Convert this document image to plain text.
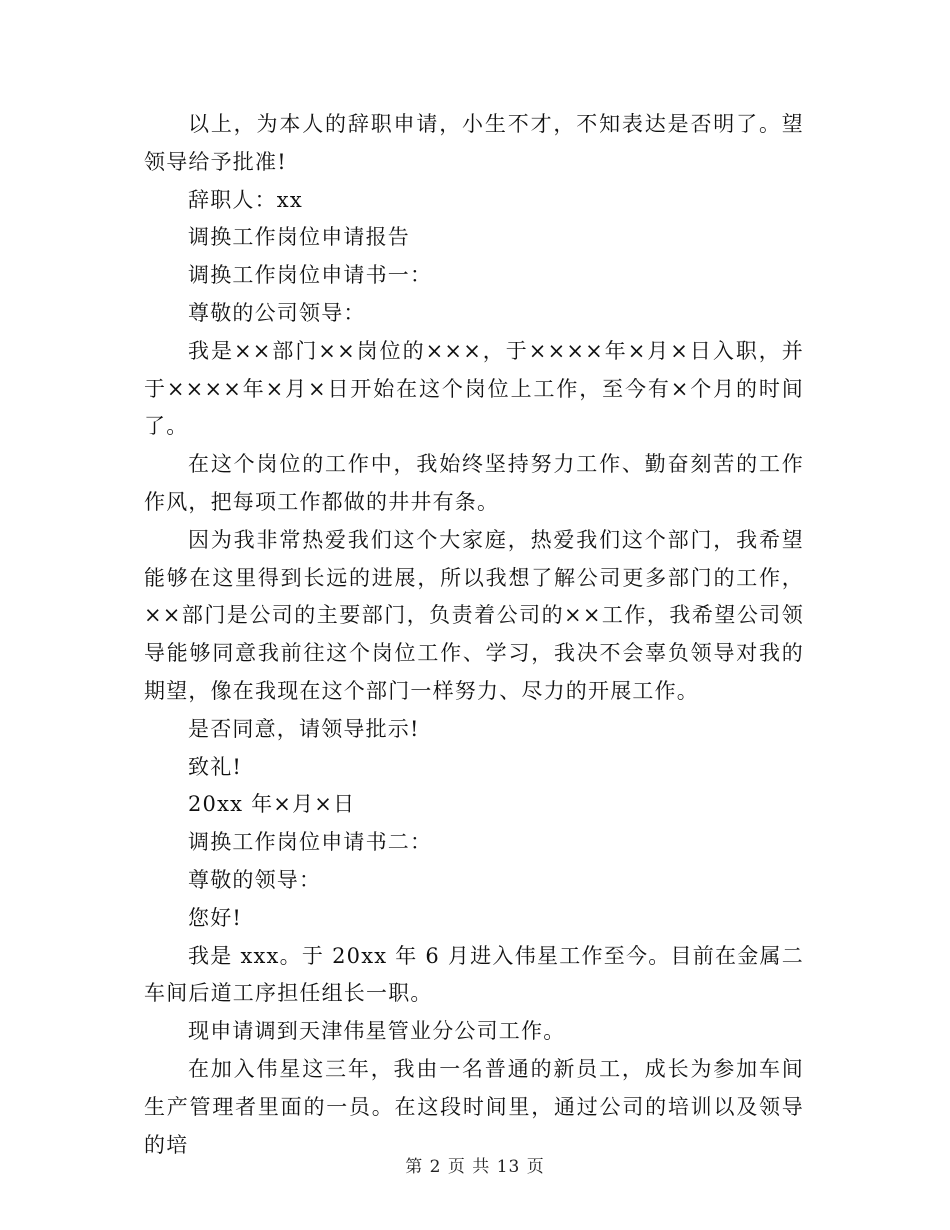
以上，为本人的辞职申请，小生不才，不知表达是否明了。望领导给予批准!

辞职人：xx

调换工作岗位申请报告

调换工作岗位申请书一：

尊敬的公司领导：

我是××部门××岗位的×××，于××××年×月×日入职，并于××××年×月×日开始在这个岗位上工作，至今有×个月的时间了。

在这个岗位的工作中，我始终坚持努力工作、勤奋刻苦的工作作风，把每项工作都做的井井有条。

因为我非常热爱我们这个大家庭，热爱我们这个部门，我希望能够在这里得到长远的进展，所以我想了解公司更多部门的工作，××部门是公司的主要部门，负责着公司的××工作，我希望公司领导能够同意我前往这个岗位工作、学习，我决不会辜负领导对我的期望，像在我现在这个部门一样努力、尽力的开展工作。

是否同意，请领导批示!

致礼!

20xx 年×月×日

调换工作岗位申请书二：

尊敬的领导：

您好!

我是 xxx。于 20xx 年 6 月进入伟星工作至今。目前在金属二车间后道工序担任组长一职。

现申请调到天津伟星管业分公司工作。

在加入伟星这三年，我由一名普通的新员工，成长为参加车间生产管理者里面的一员。在这段时间里，通过公司的培训以及领导的培

第 2 页 共 13 页
